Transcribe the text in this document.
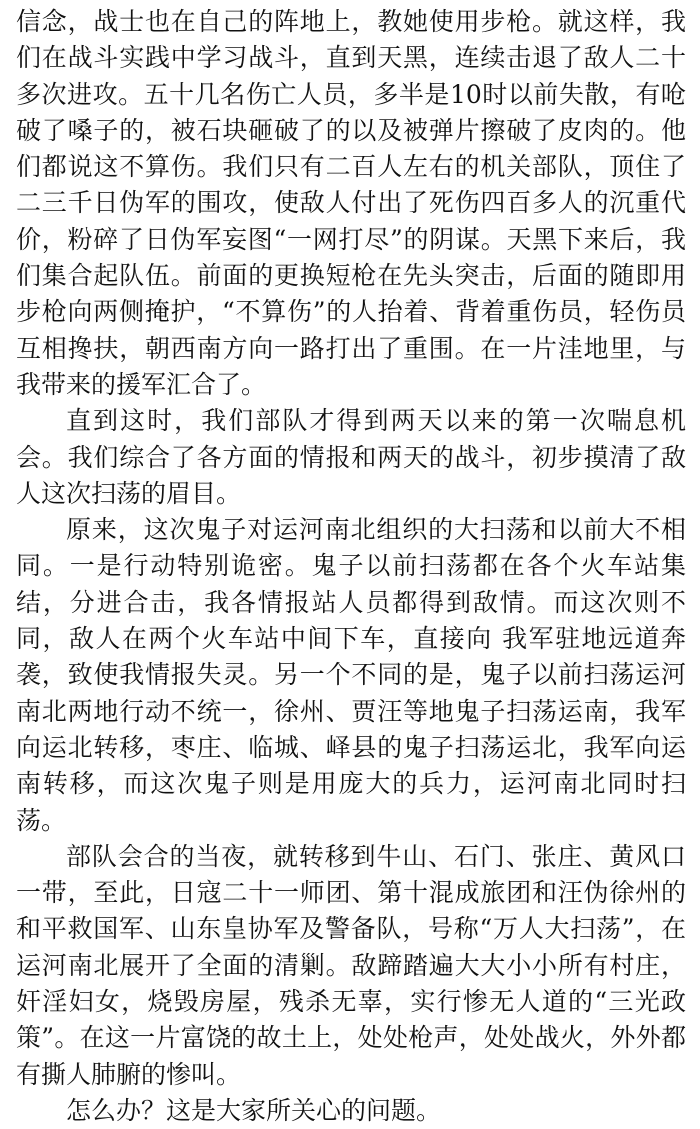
信念，战士也在自己的阵地上，教她使用步枪。就这样，我们在战斗实践中学习战斗，直到天黑，连续击退了敌人二十多次进攻。五十几名伤亡人员，多半是10时以前失散，有呛破了嗓子的，被石块砸破了的以及被弹片擦破了皮肉的。他们都说这不算伤。我们只有二百人左右的机关部队，顶住了二三千日伪军的围攻，使敌人付出了死伤四百多人的沉重代价，粉碎了日伪军妄图“一网打尽”的阴谋。天黑下来后，我们集合起队伍。前面的更换短枪在先头突击，后面的随即用步枪向两侧掩护，“不算伤”的人抬着、背着重伤员，轻伤员互相搀扶，朝西南方向一路打出了重围。在一片洼地里，与我带来的援军汇合了。

直到这时，我们部队才得到两天以来的第一次喘息机会。我们综合了各方面的情报和两天的战斗，初步摸清了敌人这次扫荡的眉目。

原来，这次鬼子对运河南北组织的大扫荡和以前大不相同。一是行动特别诡密。鬼子以前扫荡都在各个火车站集结，分进合击，我各情报站人员都得到敌情。而这次则不同，敌人在两个火车站中间下车，直接向 我军驻地远道奔袭，致使我情报失灵。另一个不同的是，鬼子以前扫荡运河南北两地行动不统一，徐州、贾汪等地鬼子扫荡运南，我军向运北转移，枣庄、临城、峄县的鬼子扫荡运北，我军向运南转移，而这次鬼子则是用庞大的兵力，运河南北同时扫荡。

部队会合的当夜，就转移到牛山、石门、张庄、黄风口一带，至此，日寇二十一师团、第十混成旅团和汪伪徐州的和平救国军、山东皇协军及警备队，号称“万人大扫荡”，在运河南北展开了全面的清剿。敌蹄踏遍大大小小所有村庄，奸淫妇女，烧毁房屋，残杀无辜，实行惨无人道的“三光政策”。在这一片富饶的故土上，处处枪声，处处战火，外外都有撕人肺腑的惨叫。

怎么办？这是大家所关心的问题。
